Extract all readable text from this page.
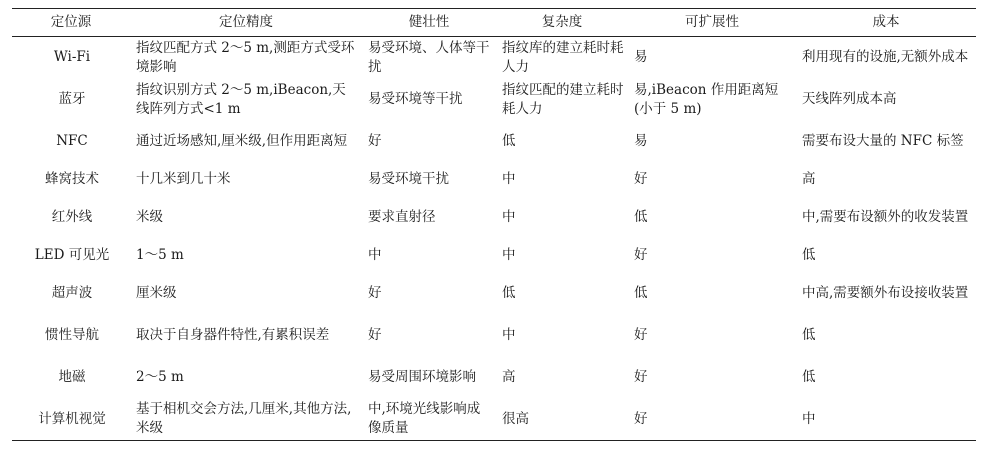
定位源	定位精度	健壮性	复杂度	可扩展性	成本
Wi-Fi	指纹匹配方式 2～5 m,测距方式受环境影响	易受环境、人体等干扰	指纹库的建立耗时耗人力	易	利用现有的设施,无额外成本
蓝牙	指纹识别方式 2～5 m,iBeacon,天线阵列方式<1 m	易受环境等干扰	指纹匹配的建立耗时耗人力	易,iBeacon 作用距离短(小于 5 m)	天线阵列成本高
NFC	通过近场感知,厘米级,但作用距离短	好	低	易	需要布设大量的 NFC 标签
蜂窝技术	十几米到几十米	易受环境干扰	中	好	高
红外线	米级	要求直射径	中	低	中,需要布设额外的收发装置
LED 可见光	1～5 m	中	中	好	低
超声波	厘米级	好	低	低	中高,需要额外布设接收装置
惯性导航	取决于自身器件特性,有累积误差	好	中	好	低
地磁	2～5 m	易受周围环境影响	高	好	低
计算机视觉	基于相机交会方法,几厘米,其他方法,米级	中,环境光线影响成像质量	很高	好	中
